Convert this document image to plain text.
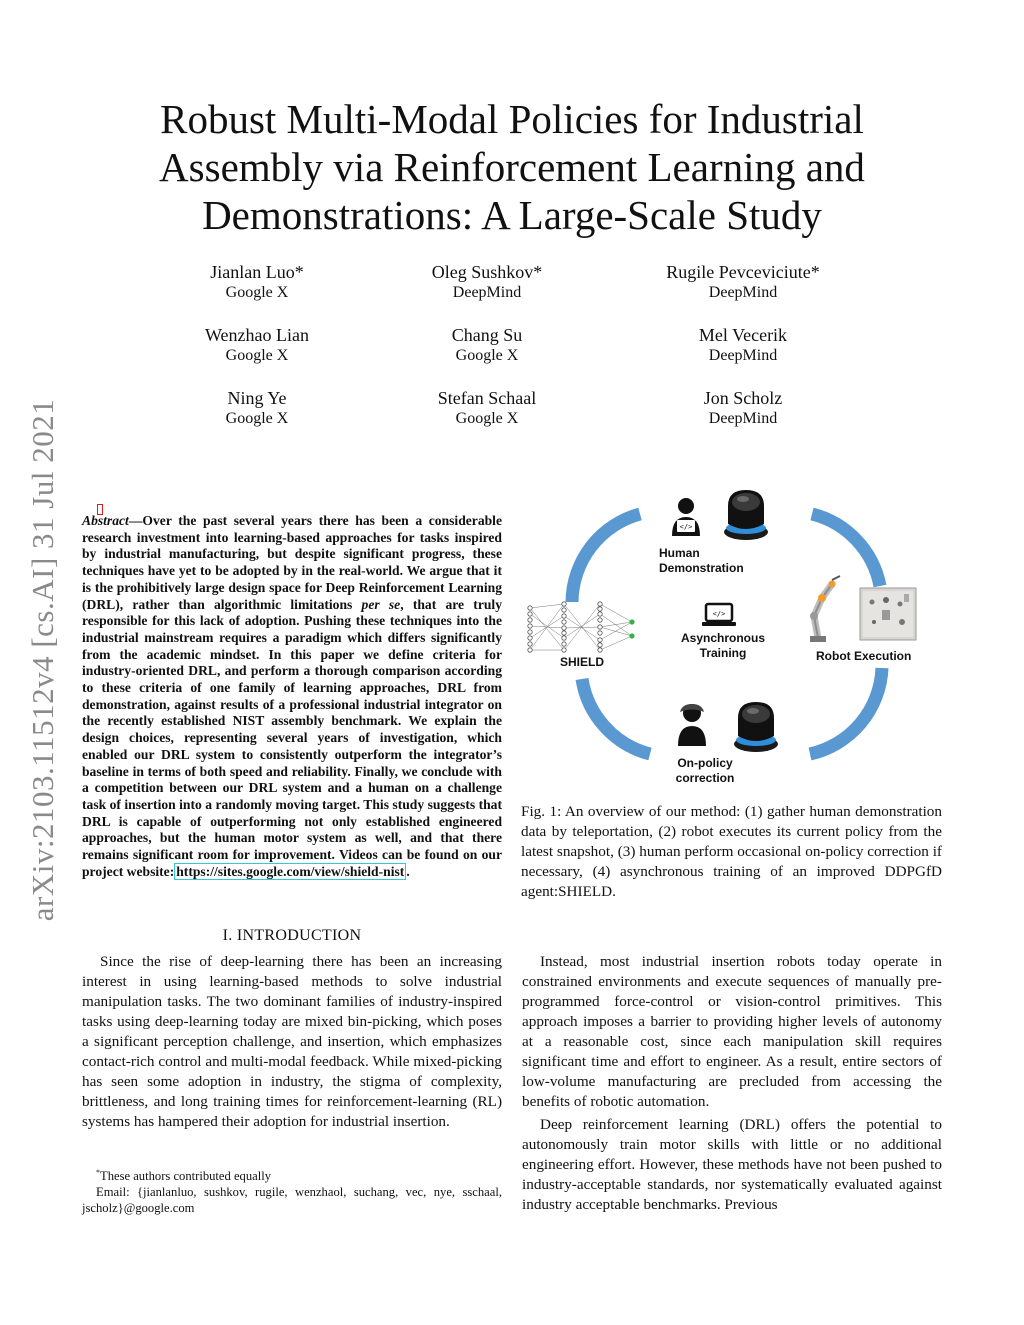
arXiv:2103.11512v4 [cs.AI] 31 Jul 2021
Robust Multi-Modal Policies for Industrial
Assembly via Reinforcement Learning and
Demonstrations: A Large-Scale Study
Jianlan Luo*
Google X
Oleg Sushkov*
DeepMind
Rugile Pevceviciute*
DeepMind
Wenzhao Lian
Google X
Chang Su
Google X
Mel Vecerik
DeepMind
Ning Ye
Google X
Stefan Schaal
Google X
Jon Scholz
DeepMind

Abstract—Over the past several years there has been a considerable research investment into learning-based approaches for tasks inspired by industrial manufacturing, but despite significant progress, these techniques have yet to be adopted by in the real-world. We argue that it is the prohibitively large design space for Deep Reinforcement Learning (DRL), rather than algorithmic limitations per se, that are truly responsible for this lack of adoption. Pushing these techniques into the industrial mainstream requires a paradigm which differs significantly from the academic mindset. In this paper we define criteria for industry-oriented DRL, and perform a thorough comparison according to these criteria of one family of learning approaches, DRL from demonstration, against results of a professional industrial integrator on the recently established NIST assembly benchmark. We explain the design choices, representing several years of investigation, which enabled our DRL system to consistently outperform the integrator’s baseline in terms of both speed and reliability. Finally, we conclude with a competition between our DRL system and a human on a challenge task of insertion into a randomly moving target. This study suggests that DRL is capable of outperforming not only established engineered approaches, but the human motor system as well, and that there remains significant room for improvement. Videos can be found on our project website: https://sites.google.com/view/shield-nist .

I. INTRODUCTION

Since the rise of deep-learning there has been an increasing interest in using learning-based methods to solve industrial manipulation tasks. The two dominant families of industry-inspired tasks using deep-learning today are mixed bin-picking, which poses a significant perception challenge, and insertion, which emphasizes contact-rich control and multi-modal feedback. While mixed-picking has seen some adoption in industry, the stigma of complexity, brittleness, and long training times for reinforcement-learning (RL) systems has hampered their adoption for industrial insertion.

*These authors contributed equally
Email: {jianlanluo, sushkov, rugile, wenzhaol, suchang, vec, nye, sschaal, jscholz}@google.com
</>
</>
Human
Demonstration
Asynchronous
Training
SHIELD	Robot Execution
On-policy
correction

Fig. 1: An overview of our method: (1) gather human demonstration data by teleportation, (2) robot executes its current policy from the latest snapshot, (3) human perform occasional on-policy correction if necessary, (4) asynchronous training of an improved DDPGfD agent:SHIELD.

Instead, most industrial insertion robots today operate in constrained environments and execute sequences of manually pre-programmed force-control or vision-control primitives. This approach imposes a barrier to providing higher levels of autonomy at a reasonable cost, since each manipulation skill requires significant time and effort to engineer. As a result, entire sectors of low-volume manufacturing are precluded from accessing the benefits of robotic automation.

Deep reinforcement learning (DRL) offers the potential to autonomously train motor skills with little or no additional engineering effort. However, these methods have not been pushed to industry-acceptable standards, nor systematically evaluated against industry acceptable benchmarks. Previous
